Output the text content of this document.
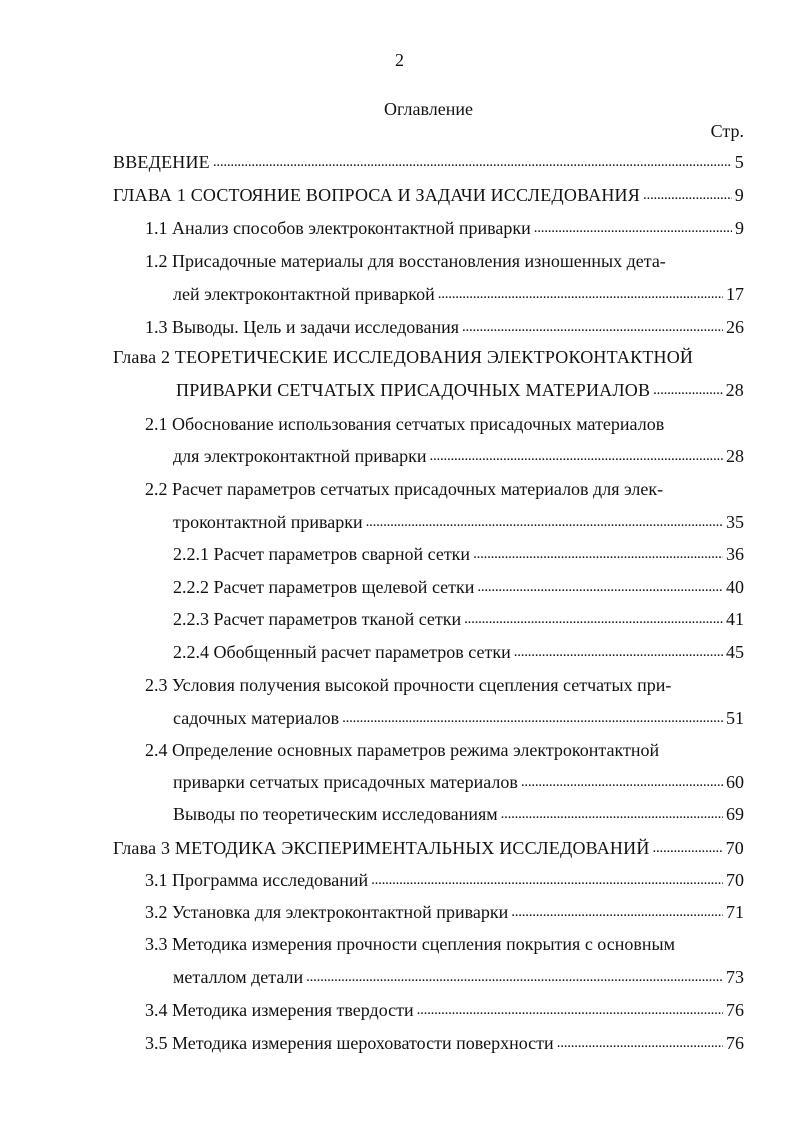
2
Оглавление
Стр.
ВВЕДЕНИЕ . . .	5
ГЛАВА 1 СОСТОЯНИЕ ВОПРОСА И ЗАДАЧИ ИССЛЕДОВАНИЯ . . .	9
1.1 Анализ способов электроконтактной приварки . . .	9
1.2 Присадочные материалы для восстановления изношенных дета-
лей электроконтактной приваркой . . .	17
1.3 Выводы. Цель и задачи исследования . . .	26
Глава 2 ТЕОРЕТИЧЕСКИЕ ИССЛЕДОВАНИЯ ЭЛЕКТРОКОНТАКТНОЙ
ПРИВАРКИ СЕТЧАТЫХ ПРИСАДОЧНЫХ МАТЕРИАЛОВ . . .	28
2.1 Обоснование использования сетчатых присадочных материалов
для электроконтактной приварки . . .	28
2.2 Расчет параметров сетчатых присадочных материалов для элек-
троконтактной приварки . . .	35
2.2.1 Расчет параметров сварной сетки . . .	36
2.2.2 Расчет параметров щелевой сетки . . .	40
2.2.3 Расчет параметров тканой сетки . . .	41
2.2.4 Обобщенный расчет параметров сетки . . .	45
2.3 Условия получения высокой прочности сцепления сетчатых при-
садочных материалов . . .	51
2.4 Определение основных параметров режима электроконтактной
приварки сетчатых присадочных материалов . . .	60
Выводы по теоретическим исследованиям . . .	69
Глава 3 МЕТОДИКА ЭКСПЕРИМЕНТАЛЬНЫХ ИССЛЕДОВАНИЙ . . .	70
3.1 Программа исследований . . .	70
3.2 Установка для электроконтактной приварки . . .	71
3.3 Методика измерения прочности сцепления покрытия с основным
металлом детали . . .	73
3.4 Методика измерения твердости . . .	76
3.5 Методика измерения шероховатости поверхности . . .	76
